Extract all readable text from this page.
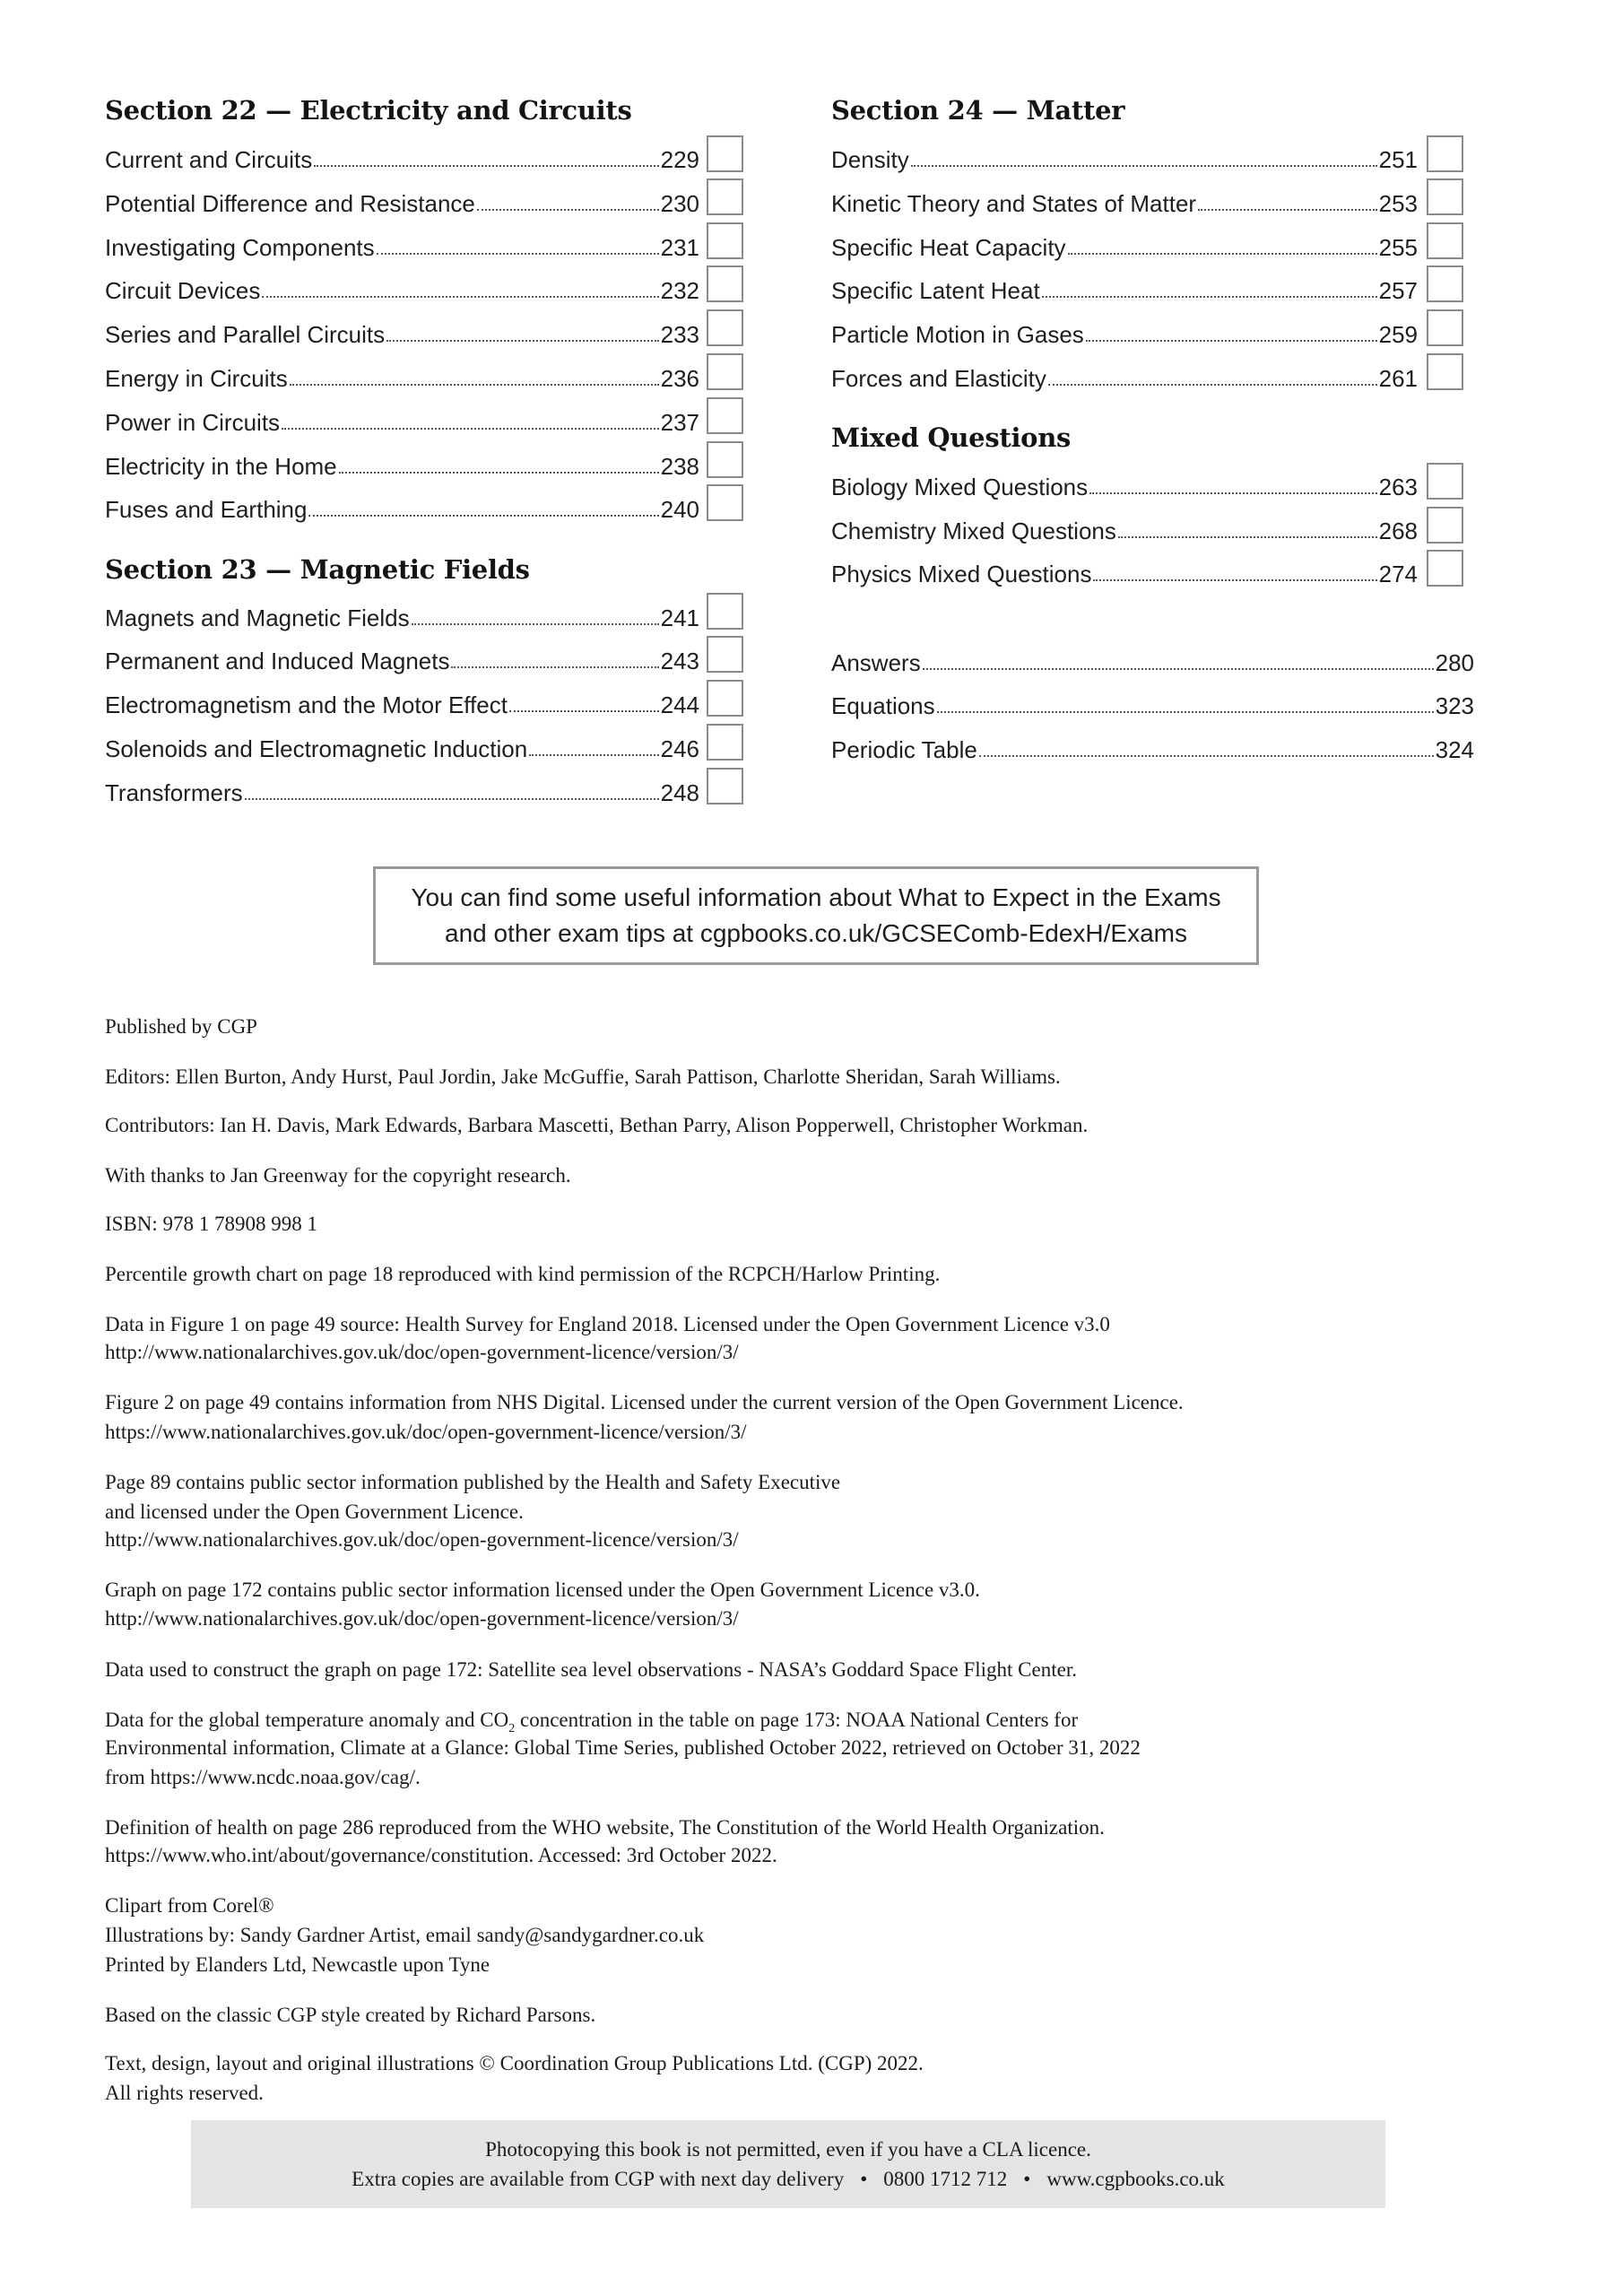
Section 22 — Electricity and Circuits
Current and Circuits	229
Potential Difference and Resistance	230
Investigating Components	231
Circuit Devices	232
Series and Parallel Circuits	233
Energy in Circuits	236
Power in Circuits	237
Electricity in the Home	238
Fuses and Earthing	240
Section 23 — Magnetic Fields
Magnets and Magnetic Fields	241
Permanent and Induced Magnets	243
Electromagnetism and the Motor Effect	244
Solenoids and Electromagnetic Induction	246
Transformers	248
Section 24 — Matter
Density	251
Kinetic Theory and States of Matter	253
Specific Heat Capacity	255
Specific Latent Heat	257
Particle Motion in Gases	259
Forces and Elasticity	261
Mixed Questions
Biology Mixed Questions	263
Chemistry Mixed Questions	268
Physics Mixed Questions	274
Answers	280
Equations	323
Periodic Table	324
You can find some useful information about What to Expect in the Exams
and other exam tips at cgpbooks.co.uk/GCSEComb-EdexH/Exams
Published by CGP
Editors: Ellen Burton, Andy Hurst, Paul Jordin, Jake McGuffie, Sarah Pattison, Charlotte Sheridan, Sarah Williams.
Contributors: Ian H. Davis, Mark Edwards, Barbara Mascetti, Bethan Parry, Alison Popperwell, Christopher Workman.
With thanks to Jan Greenway for the copyright research.
ISBN: 978 1 78908 998 1
Percentile growth chart on page 18 reproduced with kind permission of the RCPCH/Harlow Printing.
Data in Figure 1 on page 49 source: Health Survey for England 2018. Licensed under the Open Government Licence v3.0
http://www.nationalarchives.gov.uk/doc/open-government-licence/version/3/
Figure 2 on page 49 contains information from NHS Digital. Licensed under the current version of the Open Government Licence.
https://www.nationalarchives.gov.uk/doc/open-government-licence/version/3/
Page 89 contains public sector information published by the Health and Safety Executive
and licensed under the Open Government Licence.
http://www.nationalarchives.gov.uk/doc/open-government-licence/version/3/
Graph on page 172 contains public sector information licensed under the Open Government Licence v3.0.
http://www.nationalarchives.gov.uk/doc/open-government-licence/version/3/
Data used to construct the graph on page 172: Satellite sea level observations - NASA’s Goddard Space Flight Center.
Data for the global temperature anomaly and $CO_2$ concentration in the table on page 173: NOAA National Centers for
Environmental information, Climate at a Glance: Global Time Series, published October 2022, retrieved on October 31, 2022
from https://www.ncdc.noaa.gov/cag/.
Definition of health on page 286 reproduced from the WHO website, The Constitution of the World Health Organization.
https://www.who.int/about/governance/constitution. Accessed: 3rd October 2022.
Clipart from Corel®
Illustrations by: Sandy Gardner Artist, email sandy@sandygardner.co.uk
Printed by Elanders Ltd, Newcastle upon Tyne
Based on the classic CGP style created by Richard Parsons.
Text, design, layout and original illustrations © Coordination Group Publications Ltd. (CGP) 2022.
All rights reserved.
Photocopying this book is not permitted, even if you have a CLA licence.
Extra copies are available from CGP with next day delivery • 0800 1712 712 • www.cgpbooks.co.uk
